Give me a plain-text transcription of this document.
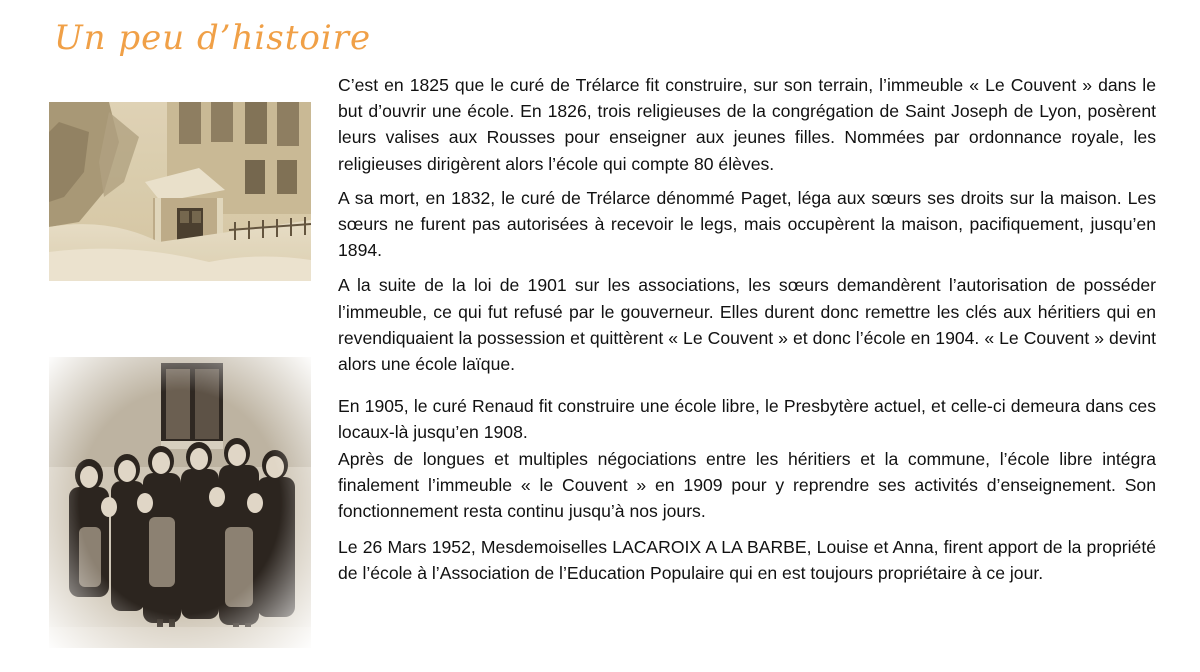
Un peu d’histoire

C’est en 1825 que le curé de Trélarce fit construire, sur son terrain, l’immeuble « Le Couvent » dans le but d’ouvrir une école. En 1826, trois religieuses de la congrégation de Saint Joseph de Lyon, posèrent leurs valises aux Rousses pour enseigner aux jeunes filles. Nommées par ordonnance royale, les religieuses dirigèrent alors l’école qui compte 80 élèves.

A sa mort, en 1832, le curé de Trélarce dénommé Paget, léga aux sœurs ses droits sur la maison. Les sœurs ne furent pas autorisées à recevoir le legs, mais occupèrent la maison, pacifiquement, jusqu’en 1894.

A la suite de la loi de 1901 sur les associations, les sœurs demandèrent l’autorisation de posséder l’immeuble, ce qui fut refusé par le gouverneur. Elles durent donc remettre les clés aux héritiers qui en revendiquaient la possession et quittèrent « Le Couvent » et donc l’école en 1904. « Le Couvent » devint alors une école laïque.

En 1905, le curé Renaud fit construire une école libre, le Presbytère actuel, et celle-ci demeura dans ces locaux-là jusqu’en 1908.

Après de longues et multiples négociations entre les héritiers et la commune, l’école libre intégra finalement l’immeuble « le Couvent » en 1909 pour y reprendre ses activités d’enseignement. Son fonctionnement resta continu jusqu’à nos jours.

Le 26 Mars 1952, Mesdemoiselles LACAROIX A LA BARBE, Louise et Anna, firent apport de la propriété de l’école à l’Association de l’Education Populaire qui en est toujours propriétaire à ce jour.
